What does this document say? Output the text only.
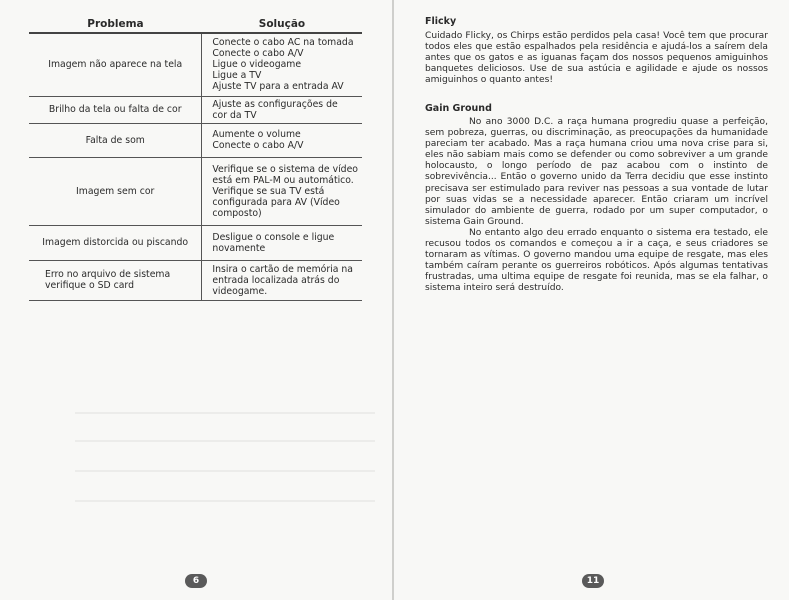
Problema	Solução
Imagem não aparece na tela	Conecte o cabo AC na tomada
Conecte o cabo A/V
Ligue o videogame
Ligue a TV
Ajuste TV para a entrada AV

Brilho da tela ou falta de cor	Ajuste as configurações de
cor da TV

Falta de som	Aumente o volume
Conecte o cabo A/V

Imagem sem cor	Verifique se o sistema de vídeo
está em PAL-M ou automático.
Verifique se sua TV está
configurada para AV (Vídeo
composto)

Imagem distorcida ou piscando	Desligue o console e ligue
novamente

Erro no arquivo de sistema verifique o SD card	Insira o cartão de memória na
entrada localizada atrás do
videogame.
6
Flicky

Cuidado Flicky, os Chirps estão perdidos pela casa! Você tem que procurar todos eles que estão espalhados pela residência e ajudá-los a saírem dela antes que os gatos e as iguanas façam dos nossos pequenos amiguinhos banquetes deliciosos. Use de sua astúcia e agilidade e ajude os nossos amiguinhos o quanto antes!

Gain Ground

No ano 3000 D.C. a raça humana progrediu quase a perfeição, sem pobreza, guerras, ou discriminação, as preocupações da humanidade pareciam ter acabado. Mas a raça humana criou uma nova crise para si, eles não sabiam mais como se defender ou como sobreviver a um grande holocausto, o longo período de paz acabou com o instinto de sobrevivência... Então o governo unido da Terra decidiu que esse instinto precisava ser estimulado para reviver nas pessoas a sua vontade de lutar por suas vidas se a necessidade aparecer. Então criaram um incrível simulador do ambiente de guerra, rodado por um super computador, o sistema Gain Ground.

No entanto algo deu errado enquanto o sistema era testado, ele recusou todos os comandos e começou a ir a caça, e seus criadores se tornaram as vítimas. O governo mandou uma equipe de resgate, mas eles também caíram perante os guerreiros robóticos. Após algumas tentativas frustradas, uma ultima equipe de resgate foi reunida, mas se ela falhar, o sistema inteiro será destruído.

11
